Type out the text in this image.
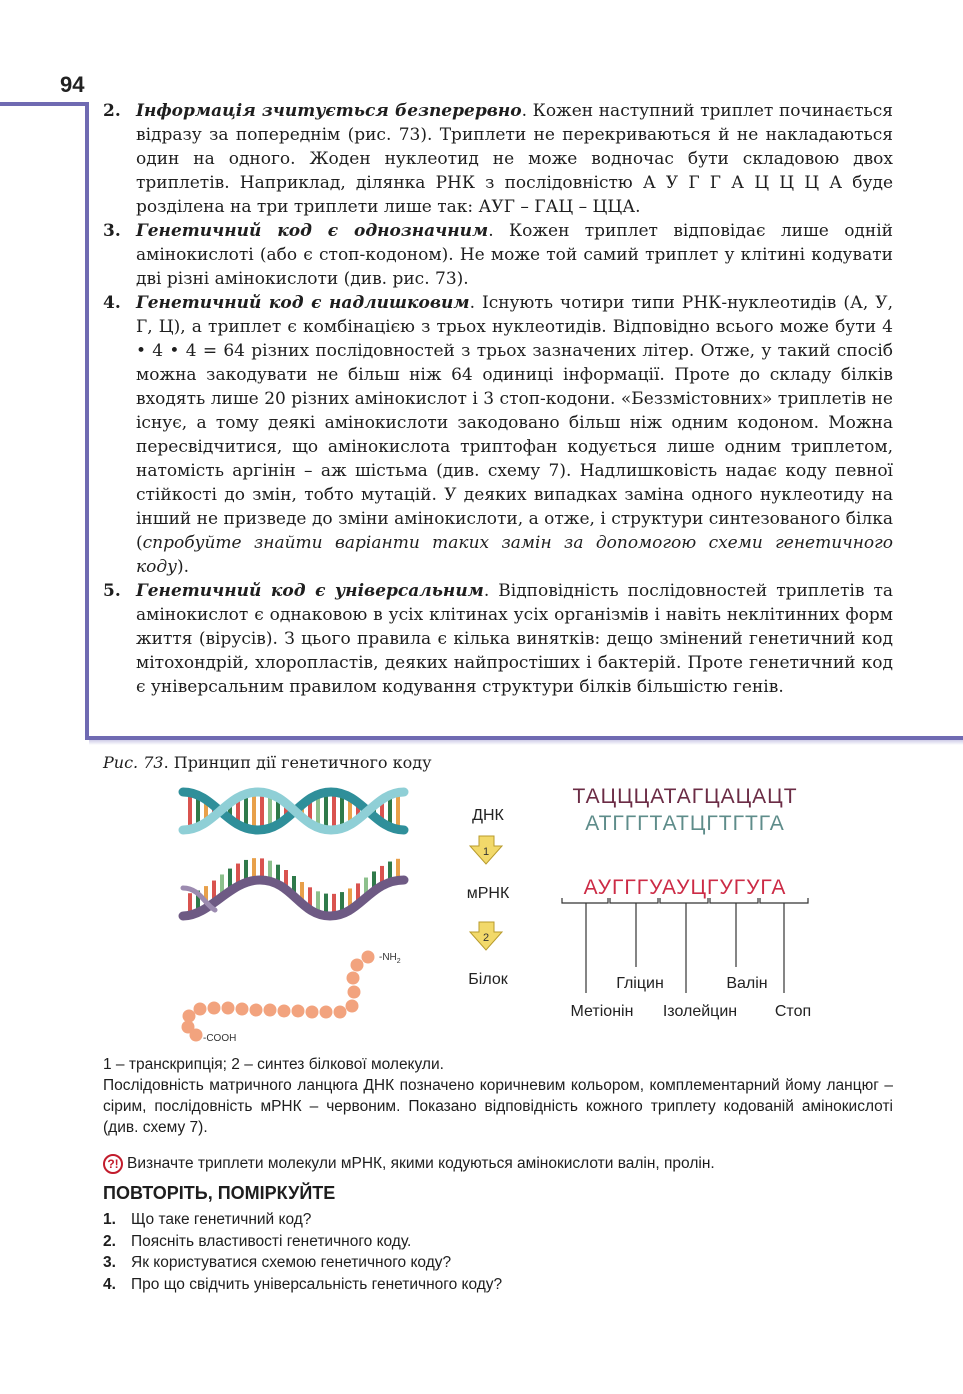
94
2. Інформація зчитується безперервно. Кожен наступний триплет починається відразу за попереднім (рис. 73). Триплети не перекриваються й не накладаються один на одного. Жоден нуклеотид не може водночас бути складовою двох триплетів. Наприклад, ділянка РНК з послідовністю А У Г Г А Ц Ц Ц А буде розділена на три триплети лише так: АУГ – ГАЦ – ЦЦА.
3. Генетичний код є однозначним. Кожен триплет відповідає лише одній амінокислоті (або є стоп-кодоном). Не може той самий триплет у клітині кодувати дві різні амінокислоти (див. рис. 73).
4. Генетичний код є надлишковим. Існують чотири типи РНК-нуклеотидів (А, У, Г, Ц), а триплет є комбінацією з трьох нуклеотидів. Відповідно всього може бути 4 • 4 • 4 = 64 різних послідовностей з трьох зазначених літер. Отже, у такий спосіб можна закодувати не більш ніж 64 одиниці інформації. Проте до складу білків входять лише 20 різних амінокислот і 3 стоп-кодони. «Беззмістовних» триплетів не існує, а тому деякі амінокислоти закодовано більш ніж одним кодоном. Можна пересвідчитися, що амінокислота триптофан кодується лише одним триплетом, натомість аргінін – аж шістьма (див. схему 7). Надлишковість надає коду певної стійкості до змін, тобто мутацій. У деяких випадках заміна одного нуклеотиду на інший не призведе до зміни амінокислоти, а отже, і структури синтезованого білка (спробуйте знайти варіанти таких замін за допомогою схеми генетичного коду).
5. Генетичний код є універсальним. Відповідність послідовностей триплетів та амінокислот є однаковою в усіх клітинах усіх організмів і навіть неклітинних форм життя (вірусів). З цього правила є кілька винятків: дещо змінений генетичний код мітохондрій, хлоропластів, деяких найпростіших і бактерій. Проте генетичний код є універсальним правилом кодування структури білків більшістю генів.
Рис. 73. Принцип дії генетичного коду
$-NH_2$
-COOH
ДНК
1
мРНК
2
Білок
ТАЦЦЦАТАГЦАЦАЦТ
АТГГГТАТЦГТГТГА
АУГГГУАУЦГУГУГА
Гліцин	Валін
Метіонін Ізолейцин Стоп

1 – транскрипція; 2 – синтез білкової молекули.

Послідовність матричного ланцюга ДНК позначено коричневим кольором, комплементарний йому ланцюг – сірим, послідовність мРНК – червоним. Показано відповідність кожного триплету кодованій амінокислоті (див. схему 7).

?! Визначте триплети молекули мРНК, якими кодуються амінокислоти валін, пролін.
ПОВТОРІТЬ, ПОМІРКУЙТЕ
1. Що таке генетичний код?
2. Поясніть властивості генетичного коду.
3. Як користуватися схемою генетичного коду?
4. Про що свідчить універсальність генетичного коду?
